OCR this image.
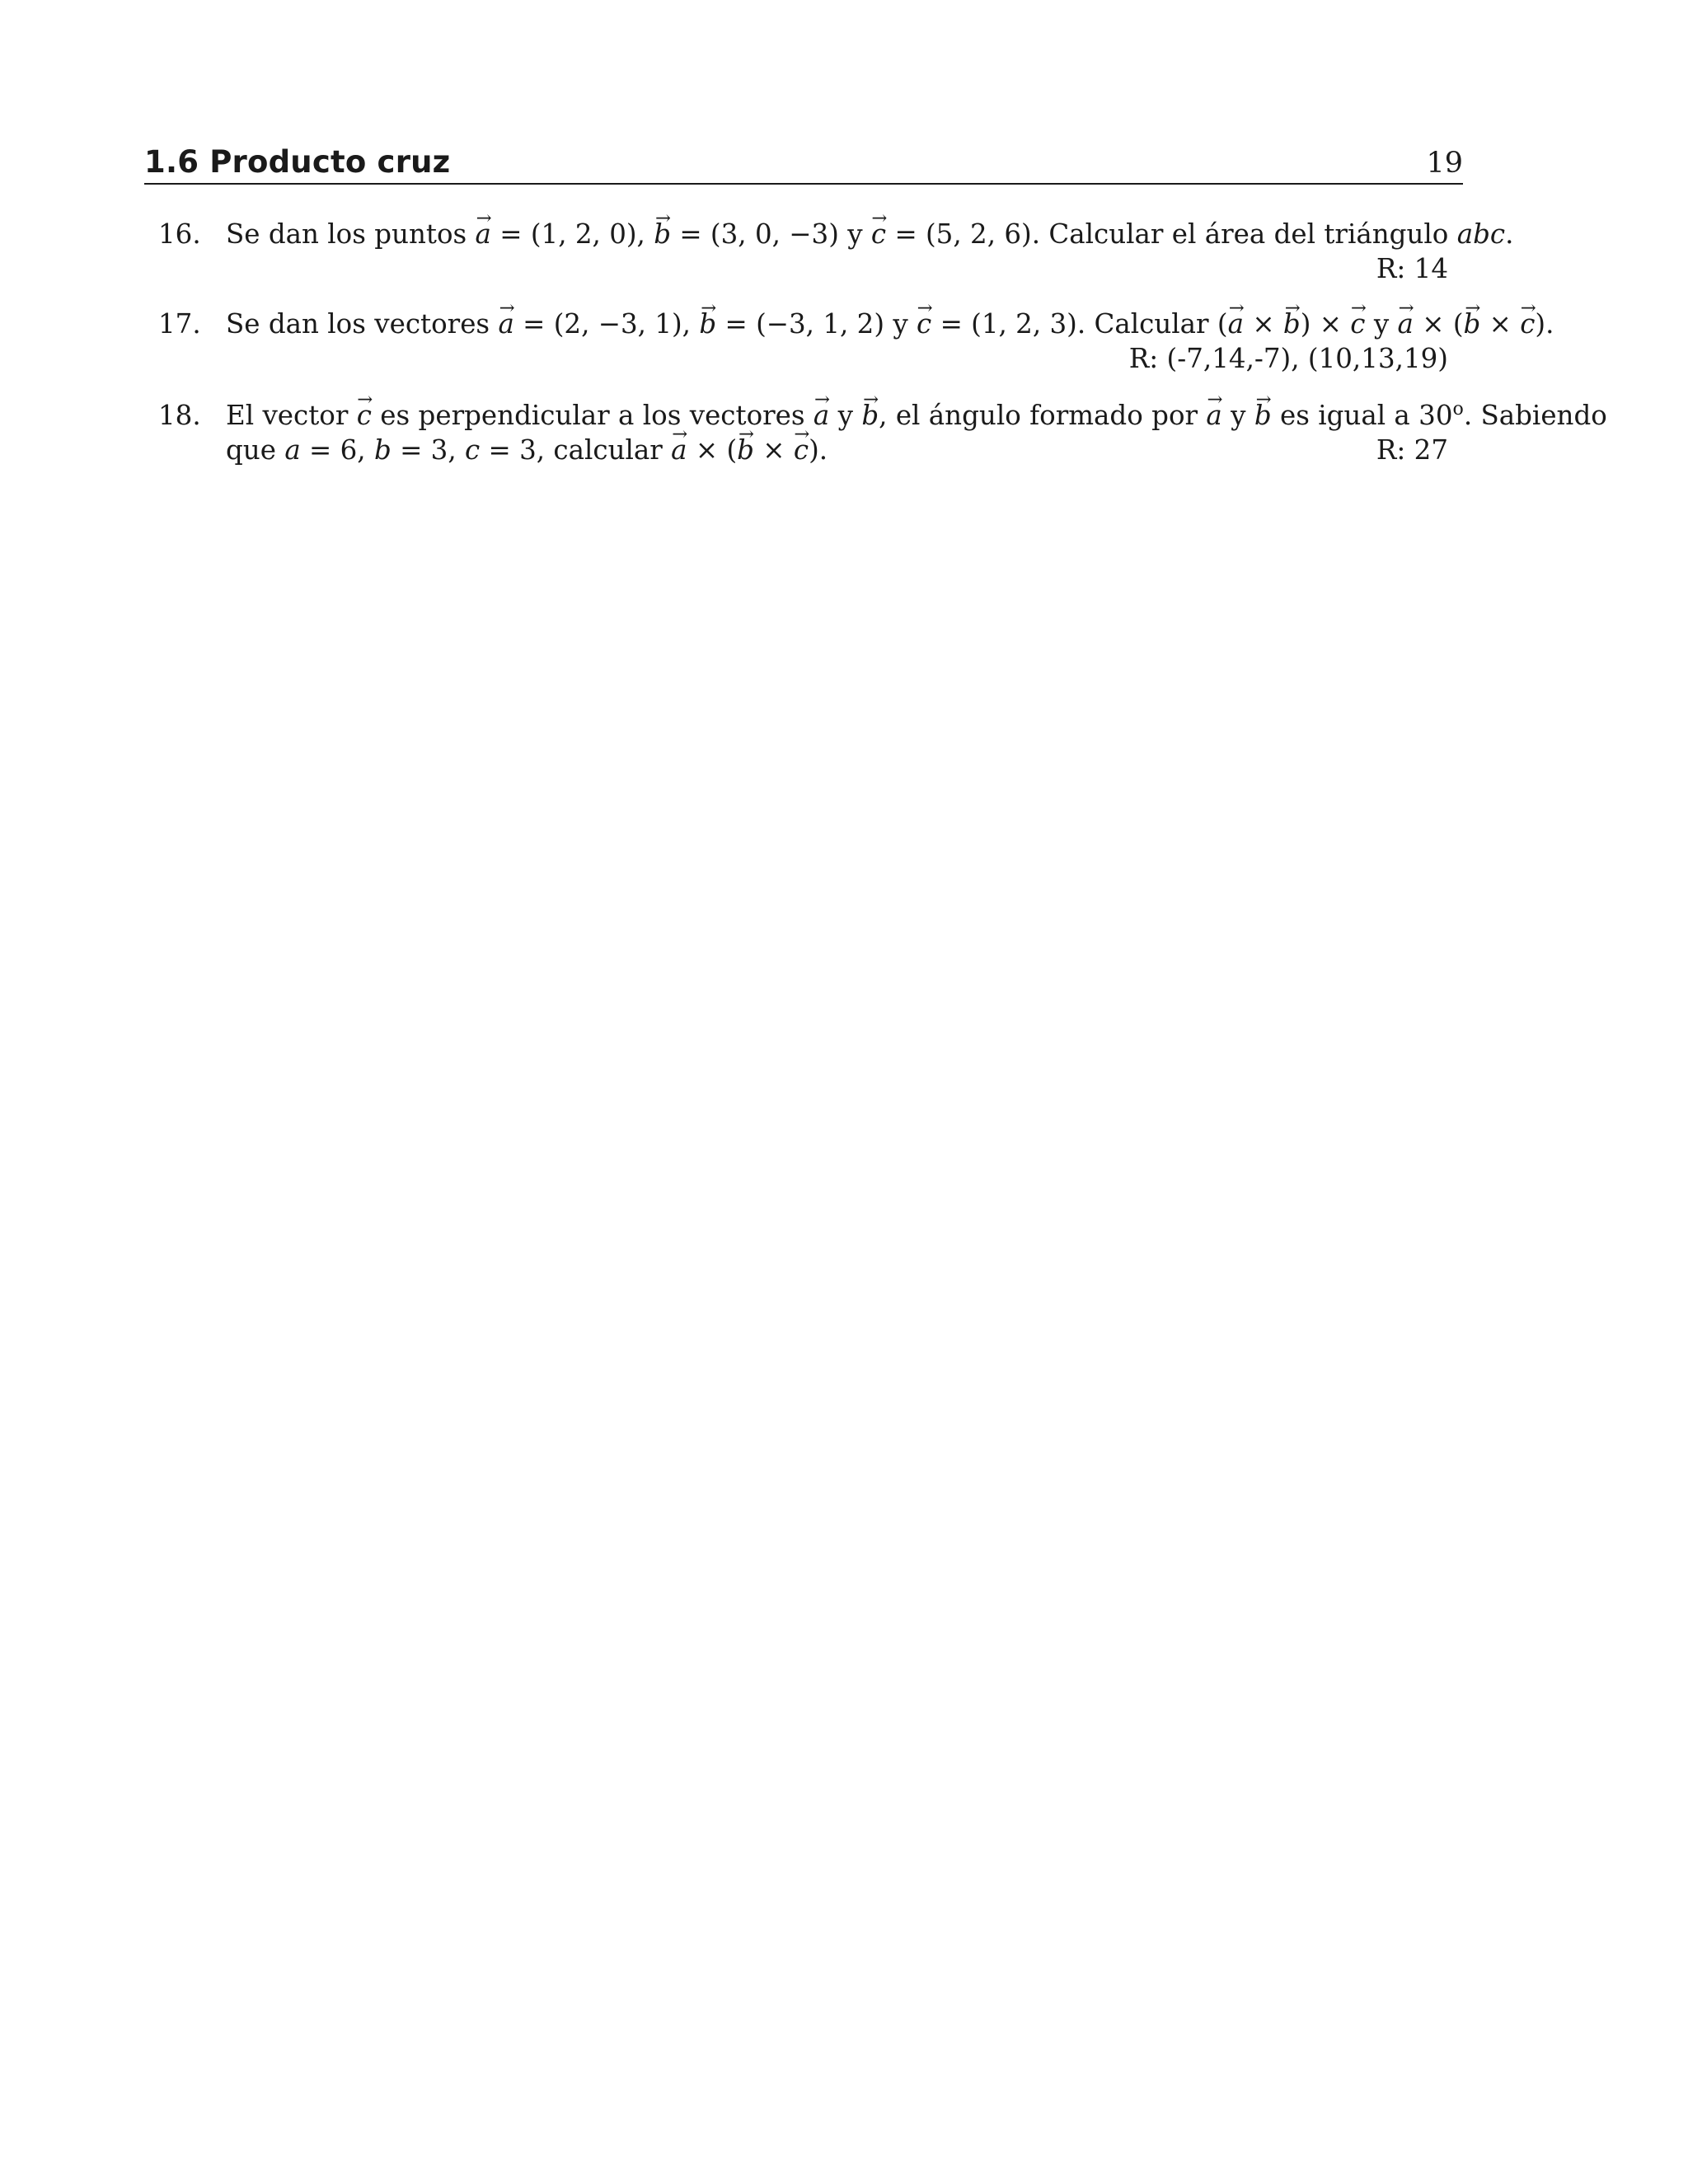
1.6 Producto cruz	19
16. Se dan los puntos a → = (1, 2, 0), b → = (3, 0, −3) y c → = (5, 2, 6). Calcular el área del triángulo abc.
R: 14
17. Se dan los vectores a → = (2, −3, 1), b → = (−3, 1, 2) y c → = (1, 2, 3). Calcular (a → × b →) × c → y a → × (b → × c →).
R: (-7,14,-7), (10,13,19)
18. El vector c → es perpendicular a los vectores a → y b →, el ángulo formado por a → y b → es igual a 30$^o$. Sabiendo
que a = 6, b = 3, c = 3, calcular a → × (b → × c →).	R: 27
